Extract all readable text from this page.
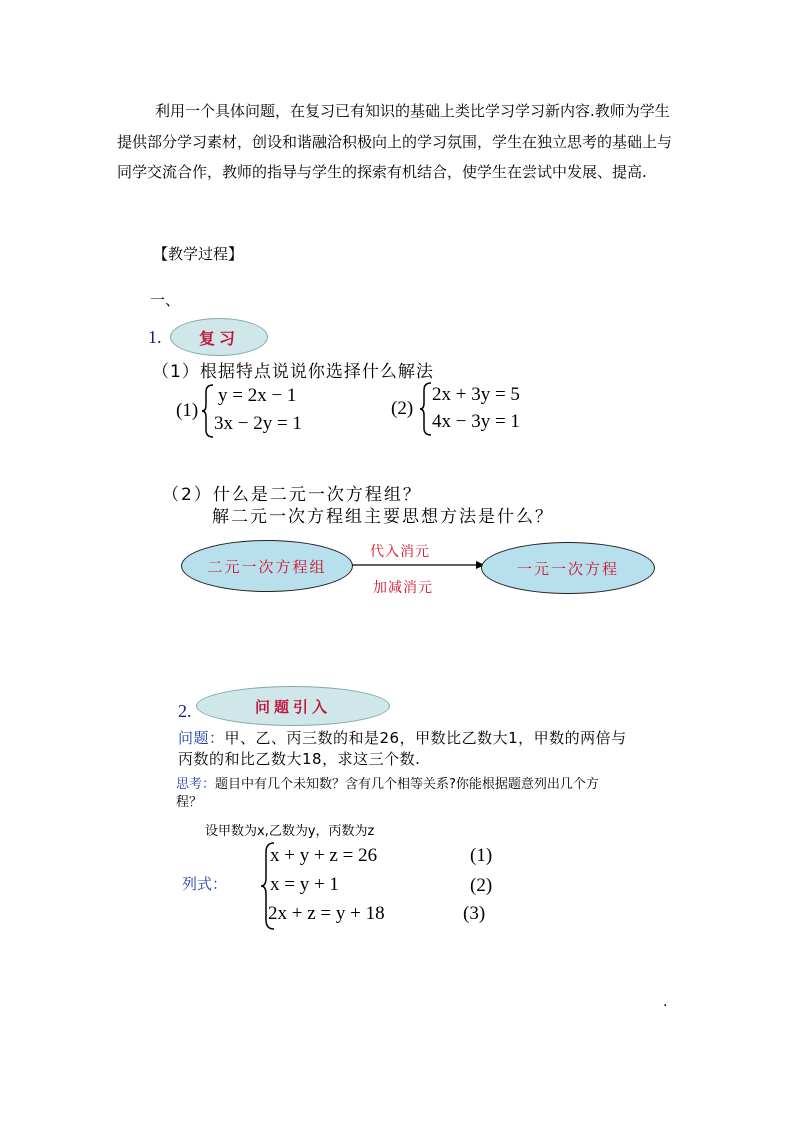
利用一个具体问题，在复习已有知识的基础上类比学习学习新内容.教师为学生提供部分学习素材，创设和谐融洽积极向上的学习氛围，学生在独立思考的基础上与同学交流合作，教师的指导与学生的探索有机结合，使学生在尝试中发展、提高.
【教学过程】
一、
1. 复习
（1）根据特点说说你选择什么解法
(1)
y = 2x − 1
3x − 2y = 1
(2)
2x + 3y = 5
4x − 3y = 1
（2）什么是二元一次方程组？
解二元一次方程组主要思想方法是什么？
二元一次方程组
代入消元
加减消元
一元一次方程
2.	问题引入
问题：甲、乙、丙三数的和是26，甲数比乙数大1，甲数的两倍与丙数的和比乙数大18，求这三个数.
思考：题目中有几个未知数？含有几个相等关系?你能根据题意列出几个方程？
设甲数为x,乙数为y，丙数为z
列式：
x + y + z = 26
x = y + 1
2x + z = y + 18
(1)
(2)
(3)
.
